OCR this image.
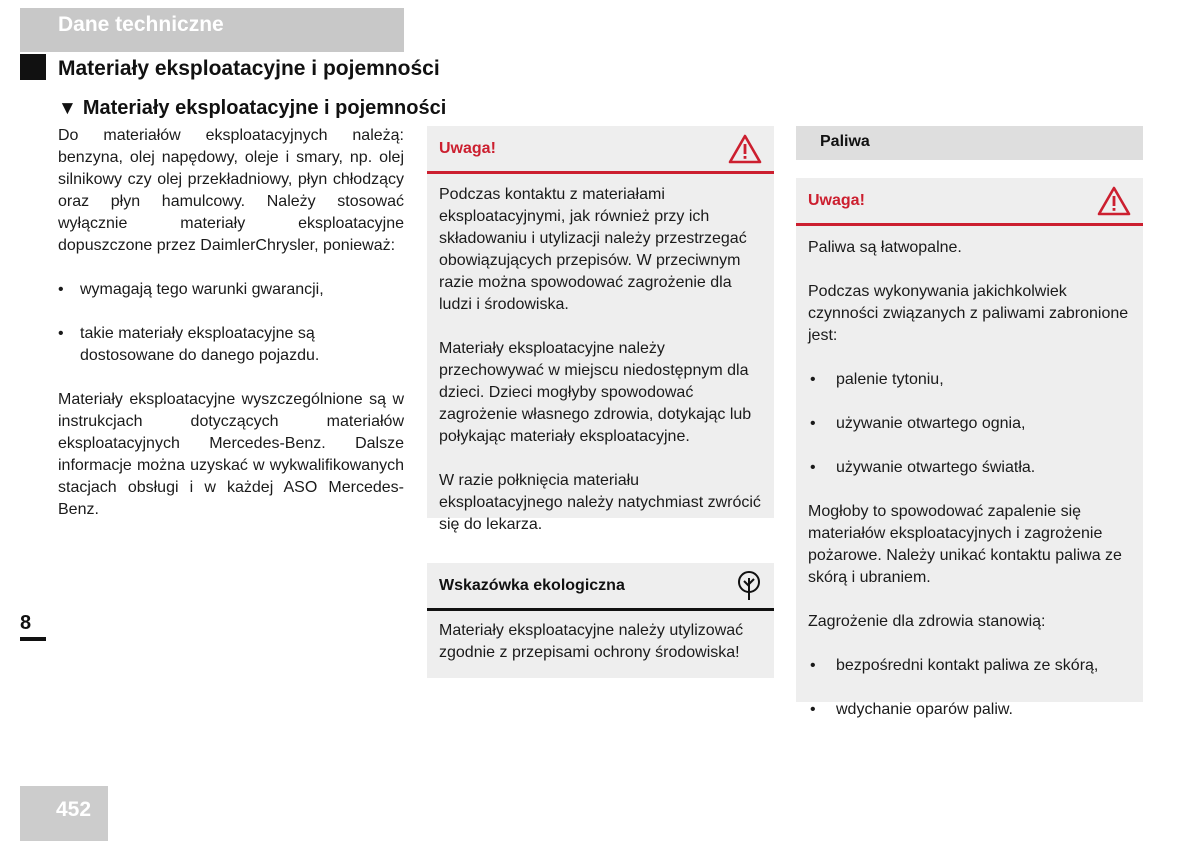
Dane techniczne
Materiały eksploatacyjne i pojemności
▼ Materiały eksploatacyjne i pojemności

Do materiałów eksploatacyjnych należą: benzyna, olej napędowy, oleje i smary, np. olej silnikowy czy olej przekładniowy, płyn chłodzący oraz płyn hamulcowy. Należy stosować wyłącznie materiały eksploatacyjne dopuszczone przez DaimlerChrysler, ponieważ:

• wymagają tego warunki gwarancji,
• takie materiały eksploatacyjne są dostosowane do danego pojazdu.

Materiały eksploatacyjne wyszczególnione są w instrukcjach dotyczących materiałów eksploatacyjnych Mercedes-Benz. Dalsze informacje można uzyskać w wykwalifikowanych stacjach obsługi i w każdej ASO Mercedes-Benz.

Uwaga!

Podczas kontaktu z materiałami eksploatacyjnymi, jak również przy ich składowaniu i utylizacji należy przestrzegać obowiązujących przepisów. W przeciwnym razie można spowodować zagrożenie dla ludzi i środowiska.

Materiały eksploatacyjne należy przechowywać w miejscu niedostępnym dla dzieci. Dzieci mogłyby spowodować zagrożenie własnego zdrowia, dotykając lub połykając materiały eksploatacyjne.

W razie połknięcia materiału eksploatacyjnego należy natychmiast zwrócić się do lekarza.

Wskazówka ekologiczna

Materiały eksploatacyjne należy utylizować zgodnie z przepisami ochrony środowiska!

Paliwa
Uwaga!

Paliwa są łatwopalne.

Podczas wykonywania jakichkolwiek czynności związanych z paliwami zabronione jest:

• palenie tytoniu,
• używanie otwartego ognia,
• używanie otwartego światła.

Mogłoby to spowodować zapalenie się materiałów eksploatacyjnych i zagrożenie pożarowe. Należy unikać kontaktu paliwa ze skórą i ubraniem.

Zagrożenie dla zdrowia stanowią:

• bezpośredni kontakt paliwa ze skórą,
• wdychanie oparów paliw.
8
452
